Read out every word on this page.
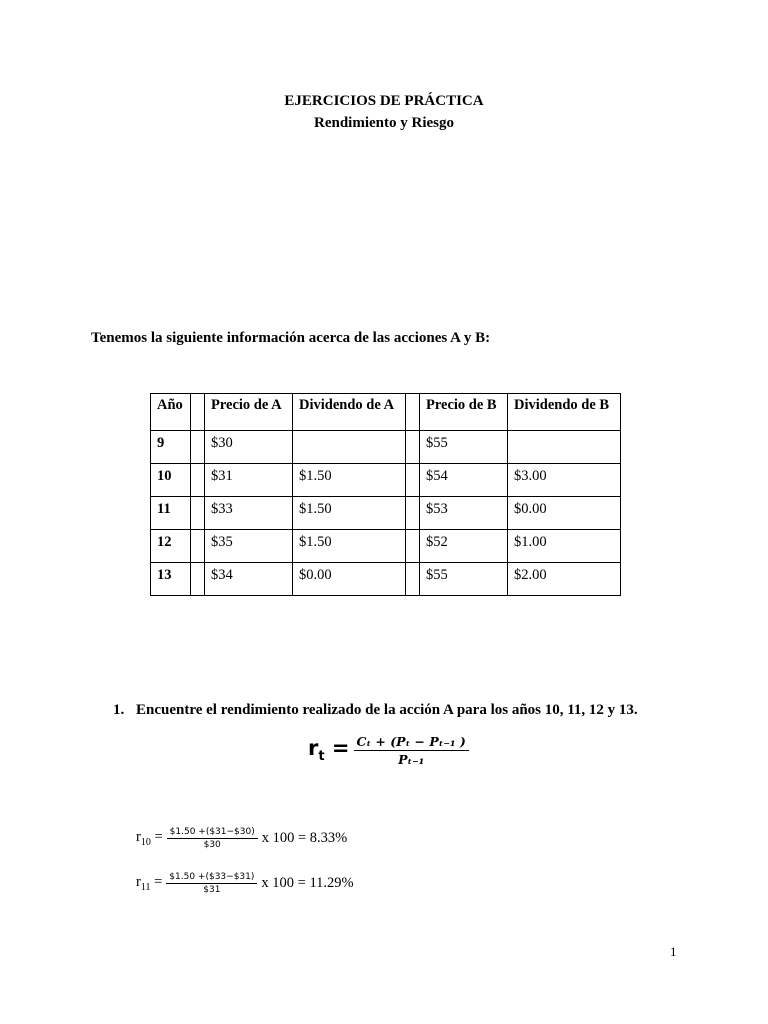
EJERCICIOS DE PRÁCTICA
Rendimiento y Riesgo
Tenemos la siguiente información acerca de las acciones A y B:
Año		Precio de A	Dividendo de A		Precio de B	Dividendo de B
9		$30			$55	
10		$31	$1.50		$54	$3.00
11		$33	$1.50		$53	$0.00
12		$35	$1.50		$52	$1.00
13		$34	$0.00		$55	$2.00
1. Encuentre el rendimiento realizado de la acción A para los años 10, 11, 12 y 13.
$r_t = \frac{\text{Cₜ + (Pₜ − Pₜ₋₁ )}}{\text{Pₜ₋₁}}$
$r_{10} = \frac{\$1.50 +(\$31-\$30)}{\$30}$ x 100 = 8.33%
$r_{11} = \frac{\$1.50 +(\$33-\$31)}{\$31}$ x 100 = 11.29%
1
